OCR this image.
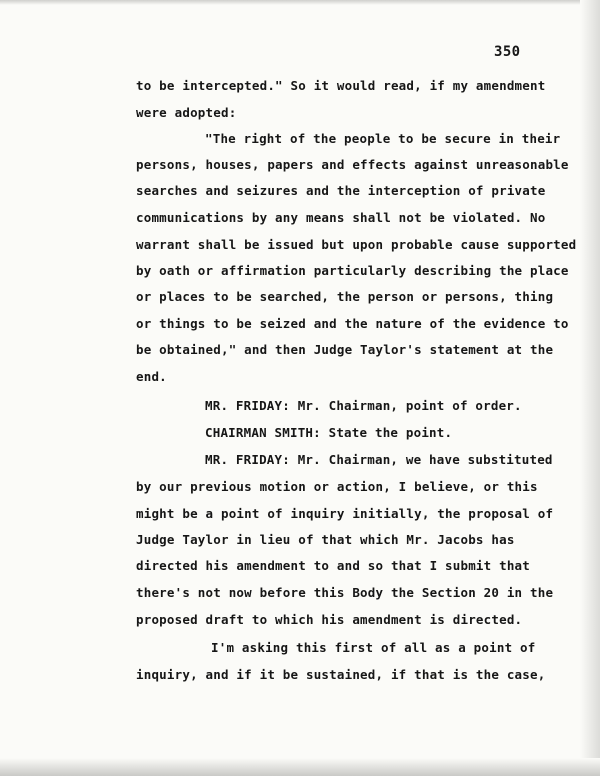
350
to be intercepted." So it would read, if my amendment
were adopted:
"The right of the people to be secure in their
persons, houses, papers and effects against unreasonable
searches and seizures and the interception of private
communications by any means shall not be violated. No
warrant shall be issued but upon probable cause supported
by oath or affirmation particularly describing the place
or places to be searched, the person or persons, thing
or things to be seized and the nature of the evidence to
be obtained," and then Judge Taylor's statement at the
end.
MR. FRIDAY: Mr. Chairman, point of order.
CHAIRMAN SMITH: State the point.
MR. FRIDAY: Mr. Chairman, we have substituted
by our previous motion or action, I believe, or this
might be a point of inquiry initially, the proposal of
Judge Taylor in lieu of that which Mr. Jacobs has
directed his amendment to and so that I submit that
there's not now before this Body the Section 20 in the
proposed draft to which his amendment is directed.
I'm asking this first of all as a point of
inquiry, and if it be sustained, if that is the case,
